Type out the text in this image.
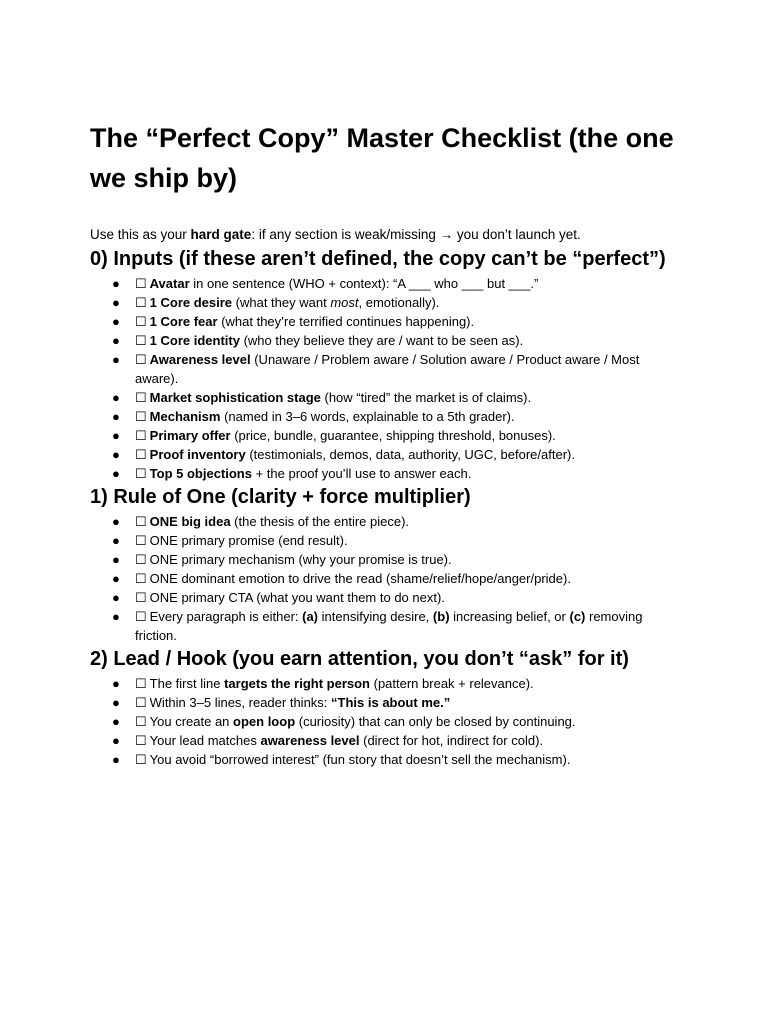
The “Perfect Copy” Master Checklist (the one we ship by)

Use this as your hard gate: if any section is weak/missing → you don’t launch yet.

0) Inputs (if these aren’t defined, the copy can’t be “perfect”)
● ☐ Avatar in one sentence (WHO + context): “A ___ who ___ but ___.”
● ☐ 1 Core desire (what they want most, emotionally).
● ☐ 1 Core fear (what they’re terrified continues happening).
● ☐ 1 Core identity (who they believe they are / want to be seen as).
● ☐ Awareness level (Unaware / Problem aware / Solution aware / Product aware / Most aware).
● ☐ Market sophistication stage (how “tired” the market is of claims).
● ☐ Mechanism (named in 3–6 words, explainable to a 5th grader).
● ☐ Primary offer (price, bundle, guarantee, shipping threshold, bonuses).
● ☐ Proof inventory (testimonials, demos, data, authority, UGC, before/after).
● ☐ Top 5 objections + the proof you’ll use to answer each.
1) Rule of One (clarity + force multiplier)
● ☐ ONE big idea (the thesis of the entire piece).
● ☐ ONE primary promise (end result).
● ☐ ONE primary mechanism (why your promise is true).
● ☐ ONE dominant emotion to drive the read (shame/relief/hope/anger/pride).
● ☐ ONE primary CTA (what you want them to do next).
● ☐ Every paragraph is either: (a) intensifying desire, (b) increasing belief, or (c) removing friction.
2) Lead / Hook (you earn attention, you don’t “ask” for it)
● ☐ The first line targets the right person (pattern break + relevance).
● ☐ Within 3–5 lines, reader thinks: “This is about me.”
● ☐ You create an open loop (curiosity) that can only be closed by continuing.
● ☐ Your lead matches awareness level (direct for hot, indirect for cold).
● ☐ You avoid “borrowed interest” (fun story that doesn’t sell the mechanism).
